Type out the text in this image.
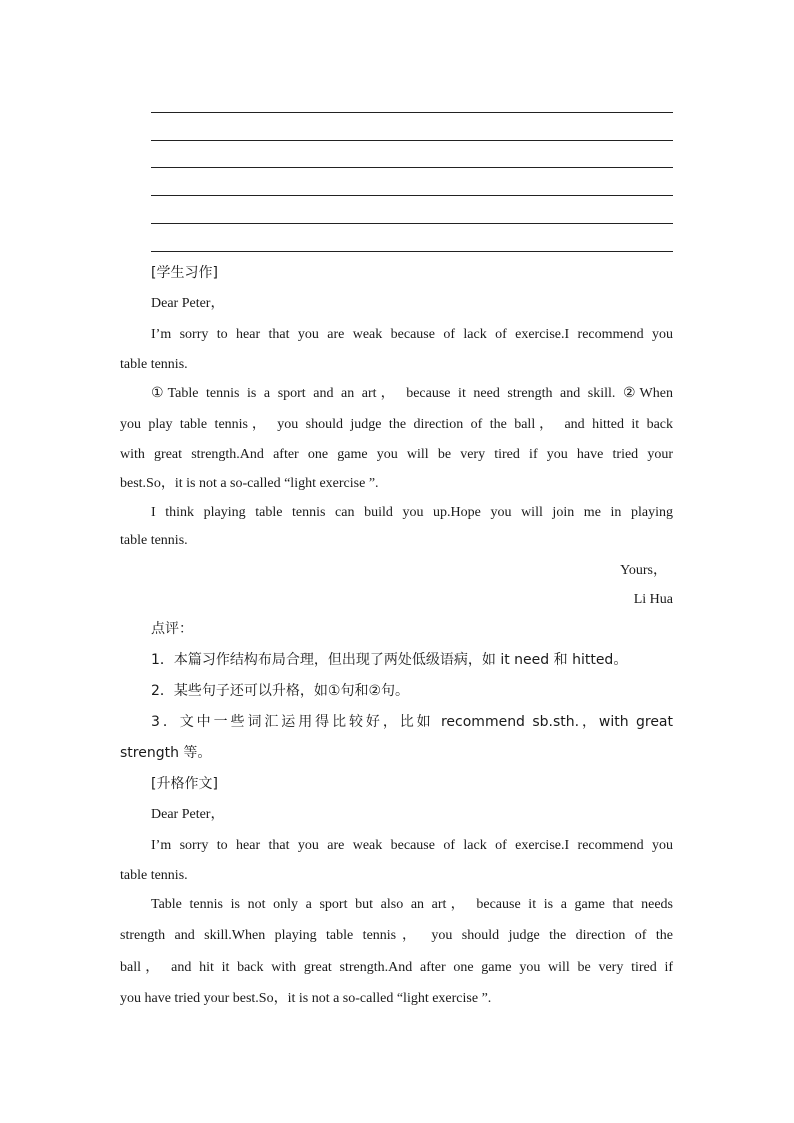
[学生习作]
Dear Peter，
I’m sorry to hear that you are weak because of lack of exercise.I recommend you
table tennis.
①Table tennis is a sport and an art， because it need strength and skill. ②When
you play table tennis， you should judge the direction of the ball， and hitted it back
with great strength.And after one game you will be very tired if you have tried your
best.So，it is not a so-called “light exercise ”.
I think playing table tennis can build you up.Hope you will join me in playing
table tennis.
Yours，
Li Hua
点评：
1．本篇习作结构布局合理，但出现了两处低级语病，如 it need 和 hitted。
2．某些句子还可以升格，如①句和②句。
3．文中一些词汇运用得比较好，比如 recommend sb.sth.，with great
strength 等。
[升格作文]
Dear Peter，
I’m sorry to hear that you are weak because of lack of exercise.I recommend you
table tennis.
Table tennis is not only a sport but also an art， because it is a game that needs
strength and skill.When playing table tennis， you should judge the direction of the
ball， and hit it back with great strength.And after one game you will be very tired if
you have tried your best.So，it is not a so-called “light exercise ”.
